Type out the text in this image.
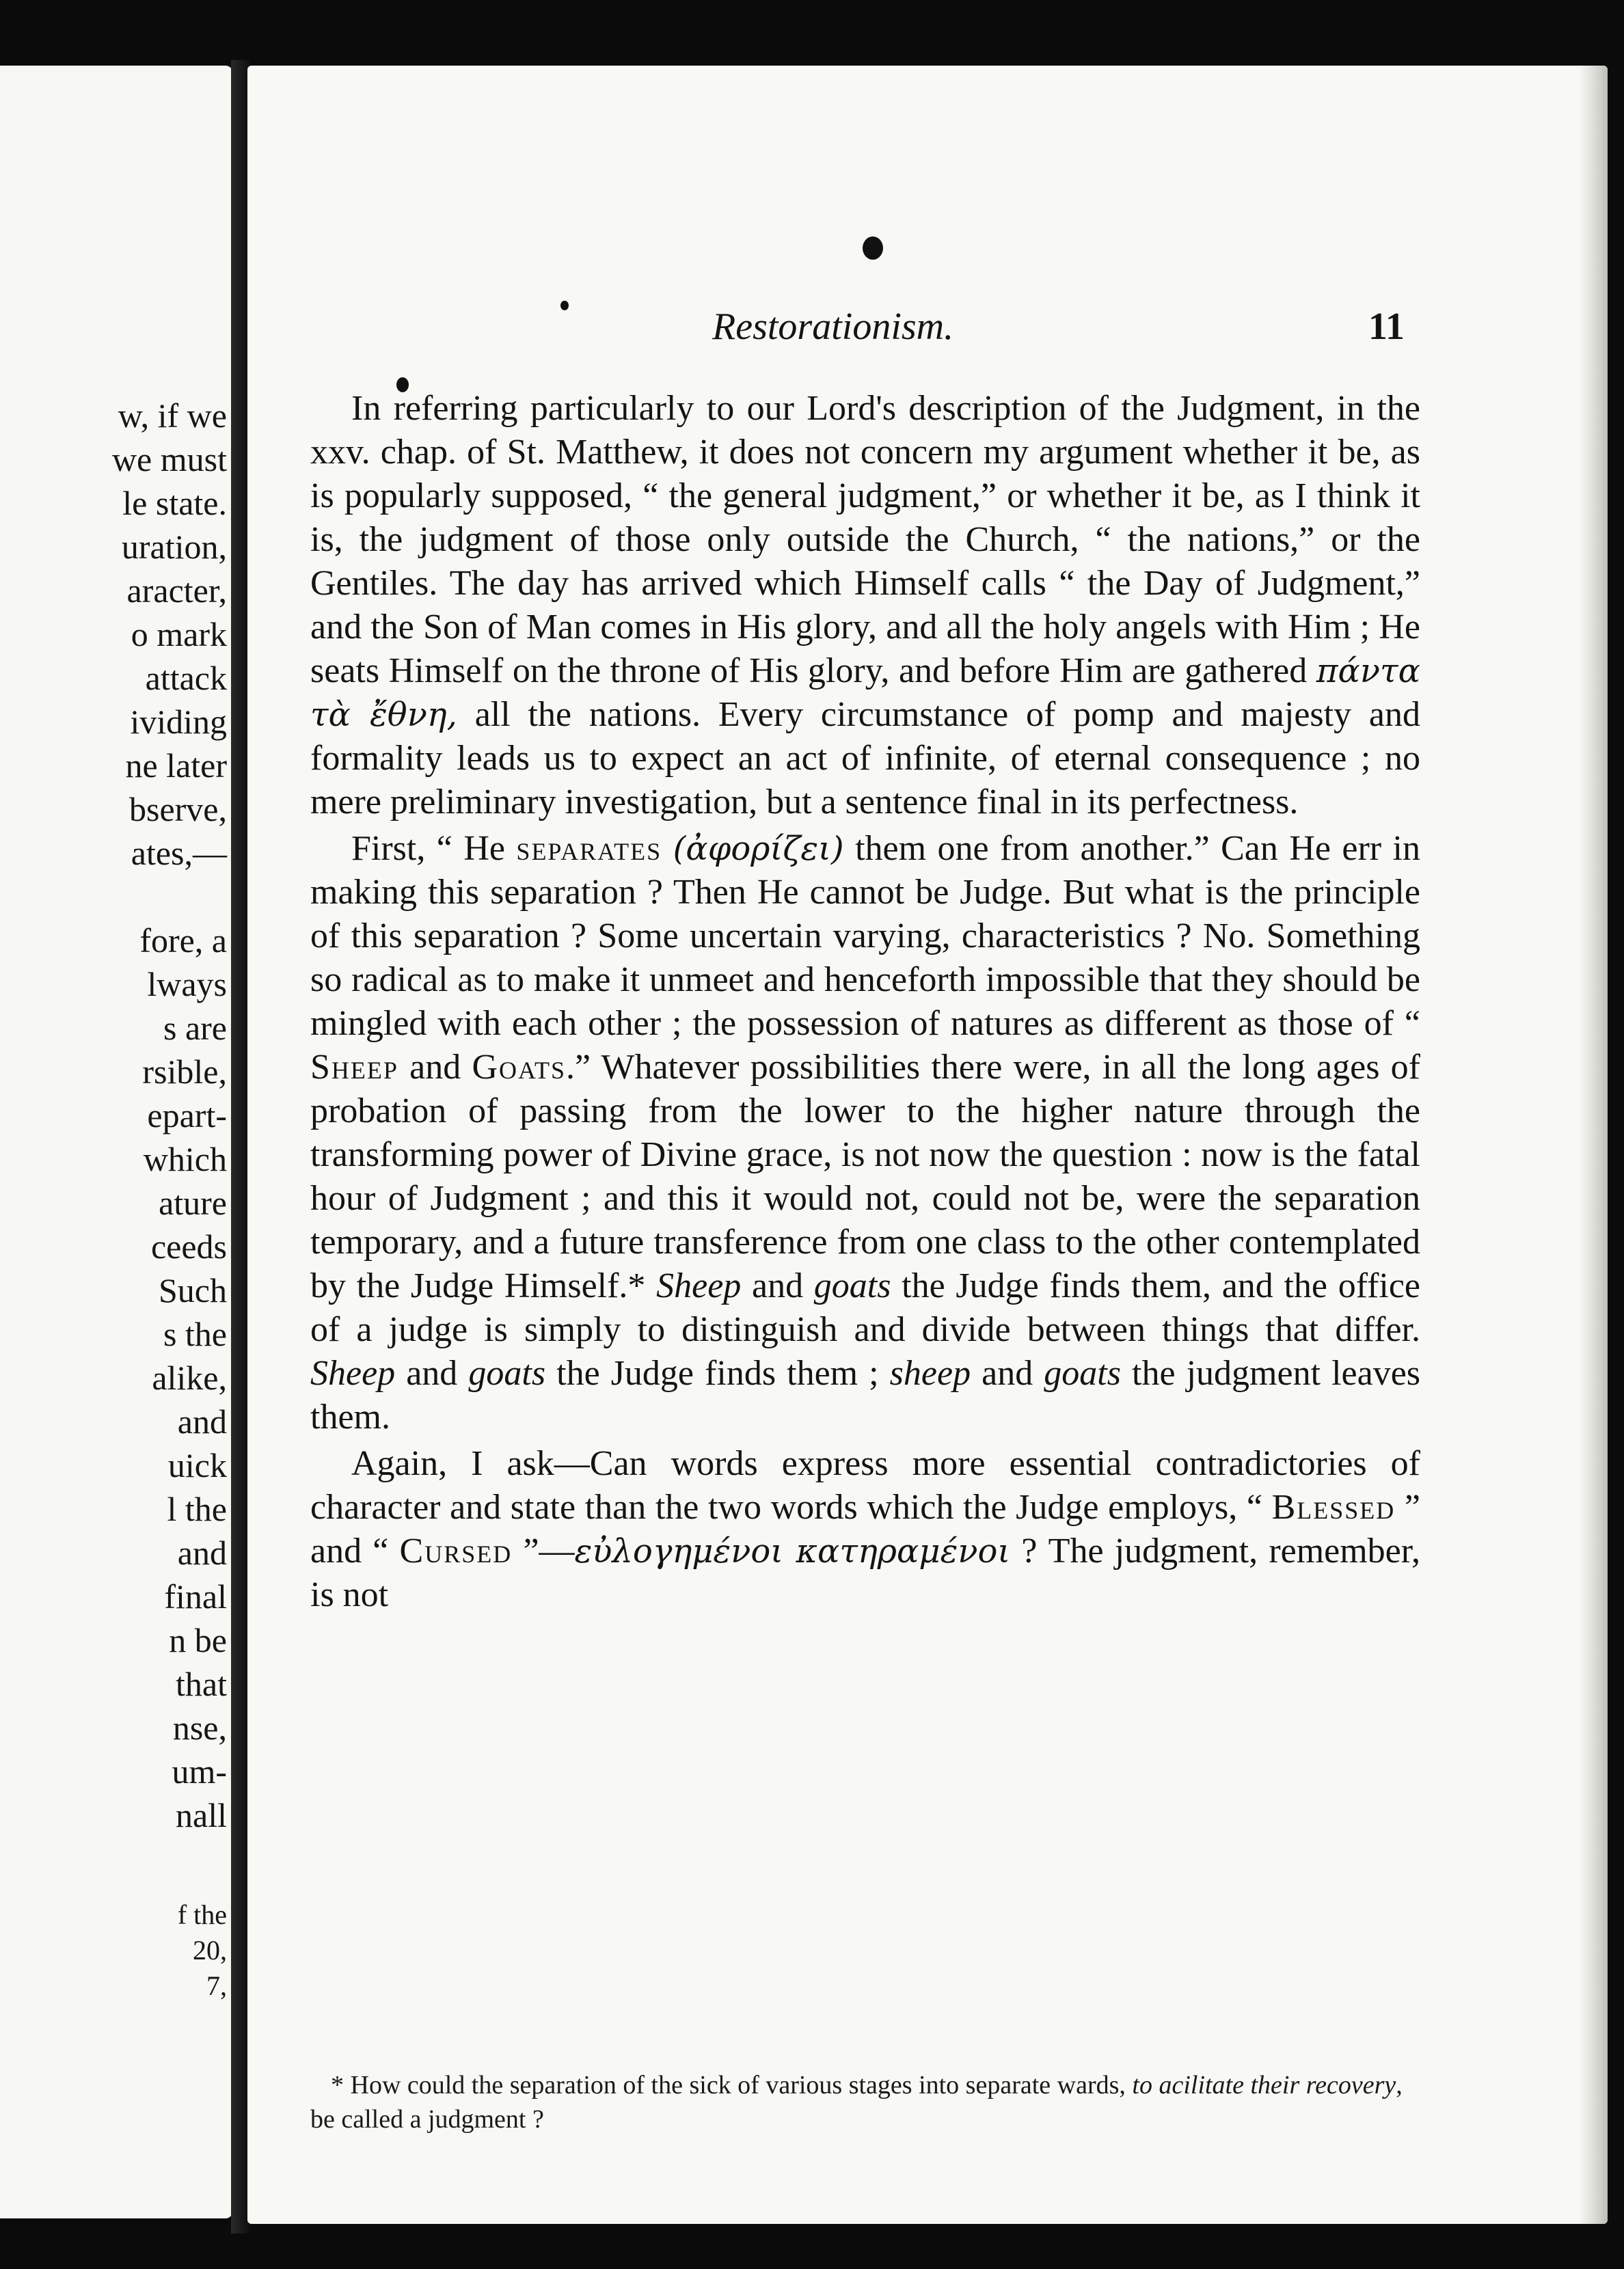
w, if we
we must
le state.
uration,
aracter,
o mark
attack
ividing
ne later
bserve,
ates,—
fore, a
lways
s are
rsible,
epart-
which
ature
ceeds
Such
s the
alike,
and
uick
l the
and
final
n be
that
nse,
um-
nall
f the
20,
7,
Restorationism.	11

In referring particularly to our Lord's description of the Judgment, in the xxv. chap. of St. Matthew, it does not concern my argument whether it be, as is popularly supposed, “ the general judgment,” or whether it be, as I think it is, the judgment of those only outside the Church, “ the nations,” or the Gentiles. The day has arrived which Himself calls “ the Day of Judgment,” and the Son of Man comes in His glory, and all the holy angels with Him ; He seats Himself on the throne of His glory, and before Him are gathered πάντα τὰ ἔθνη, all the nations. Every circumstance of pomp and majesty and formality leads us to expect an act of infinite, of eternal consequence ; no mere preliminary investigation, but a sentence final in its perfectness.

First, “ He separates (ἀφορίζει) them one from another.” Can He err in making this separation ? Then He cannot be Judge. But what is the principle of this separation ? Some uncertain varying, characteristics ? No. Something so radical as to make it unmeet and henceforth impossible that they should be mingled with each other ; the possession of natures as different as those of “ Sheep and Goats.” Whatever possibilities there were, in all the long ages of probation of passing from the lower to the higher nature through the transforming power of Divine grace, is not now the question : now is the fatal hour of Judgment ; and this it would not, could not be, were the separation temporary, and a future transference from one class to the other contemplated by the Judge Himself.* Sheep and goats the Judge finds them, and the office of a judge is simply to distinguish and divide between things that differ. Sheep and goats the Judge finds them ; sheep and goats the judgment leaves them.

Again, I ask—Can words express more essential contradictories of character and state than the two words which the Judge employs, “ Blessed ” and “ Cursed ”—εὐλογημένοι κατηραμένοι ? The judgment, remember, is not

* How could the separation of the sick of various stages into separate wards, to acilitate their recovery, be called a judgment ?
